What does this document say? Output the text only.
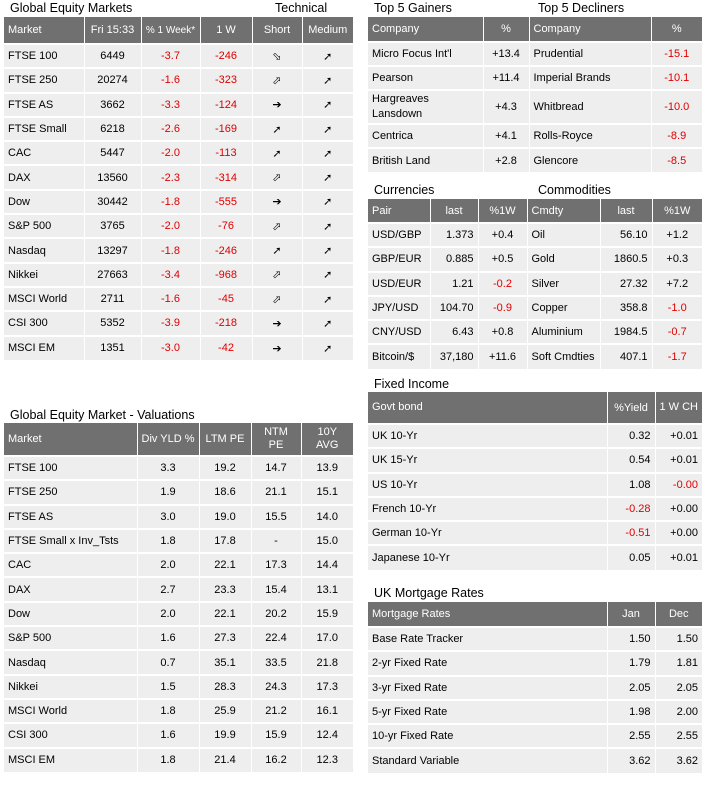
Global Equity Markets	Technical	Top 5 Gainers	Top 5 Decliners
Currencies	Commodities
Global Equity Market - Valuations
Fixed Income
UK Mortgage Rates
Market	Fri 15:33	% 1 Week*	1 W	Short	Medium
FTSE 100	6449	-3.7	-246	⬂	➚
FTSE 250	20274	-1.6	-323	⬀	➚
FTSE AS	3662	-3.3	-124	➔	➚
FTSE Small	6218	-2.6	-169	➚	➚
CAC	5447	-2.0	-113	➚	➚
DAX	13560	-2.3	-314	⬀	➚
Dow	30442	-1.8	-555	➔	➚
S&P 500	3765	-2.0	-76	⬀	➚
Nasdaq	13297	-1.8	-246	➚	➚
Nikkei	27663	-3.4	-968	⬀	➚
MSCI World	2711	-1.6	-45	⬀	➚
CSI 300	5352	-3.9	-218	➔	➚
MSCI EM	1351	-3.0	-42	➔	➚
Company	%	Company	%
Micro Focus Int'l	+13.4	Prudential	-15.1
Pearson	+11.4	Imperial Brands	-10.1
Hargreaves Lansdown	+4.3	Whitbread	-10.0
Centrica	+4.1	Rolls-Royce	-8.9
British Land	+2.8	Glencore	-8.5
Pair	last	%1W	Cmdty	last	%1W
USD/GBP	1.373	+0.4	Oil	56.10	+1.2
GBP/EUR	0.885	+0.5	Gold	1860.5	+0.3
USD/EUR	1.21	-0.2	Silver	27.32	+7.2
JPY/USD	104.70	-0.9	Copper	358.8	-1.0
CNY/USD	6.43	+0.8	Aluminium	1984.5	-0.7
Bitcoin/$	37,180	+11.6	Soft Cmdties	407.1	-1.7
Market	Div YLD %	LTM PE	NTM PE	10Y AVG
FTSE 100	3.3	19.2	14.7	13.9
FTSE 250	1.9	18.6	21.1	15.1
FTSE AS	3.0	19.0	15.5	14.0
FTSE Small x Inv_Tsts	1.8	17.8	-	15.0
CAC	2.0	22.1	17.3	14.4
DAX	2.7	23.3	15.4	13.1
Dow	2.0	22.1	20.2	15.9
S&P 500	1.6	27.3	22.4	17.0
Nasdaq	0.7	35.1	33.5	21.8
Nikkei	1.5	28.3	24.3	17.3
MSCI World	1.8	25.9	21.2	16.1
CSI 300	1.6	19.9	15.9	12.4
MSCI EM	1.8	21.4	16.2	12.3
Govt bond	%Yield	1 W CH
UK 10-Yr	0.32	+0.01
UK 15-Yr	0.54	+0.01
US 10-Yr	1.08	-0.00
French 10-Yr	-0.28	+0.00
German 10-Yr	-0.51	+0.00
Japanese 10-Yr	0.05	+0.01
Mortgage Rates	Jan	Dec
Base Rate Tracker	1.50	1.50
2-yr Fixed Rate	1.79	1.81
3-yr Fixed Rate	2.05	2.05
5-yr Fixed Rate	1.98	2.00
10-yr Fixed Rate	2.55	2.55
Standard Variable	3.62	3.62
